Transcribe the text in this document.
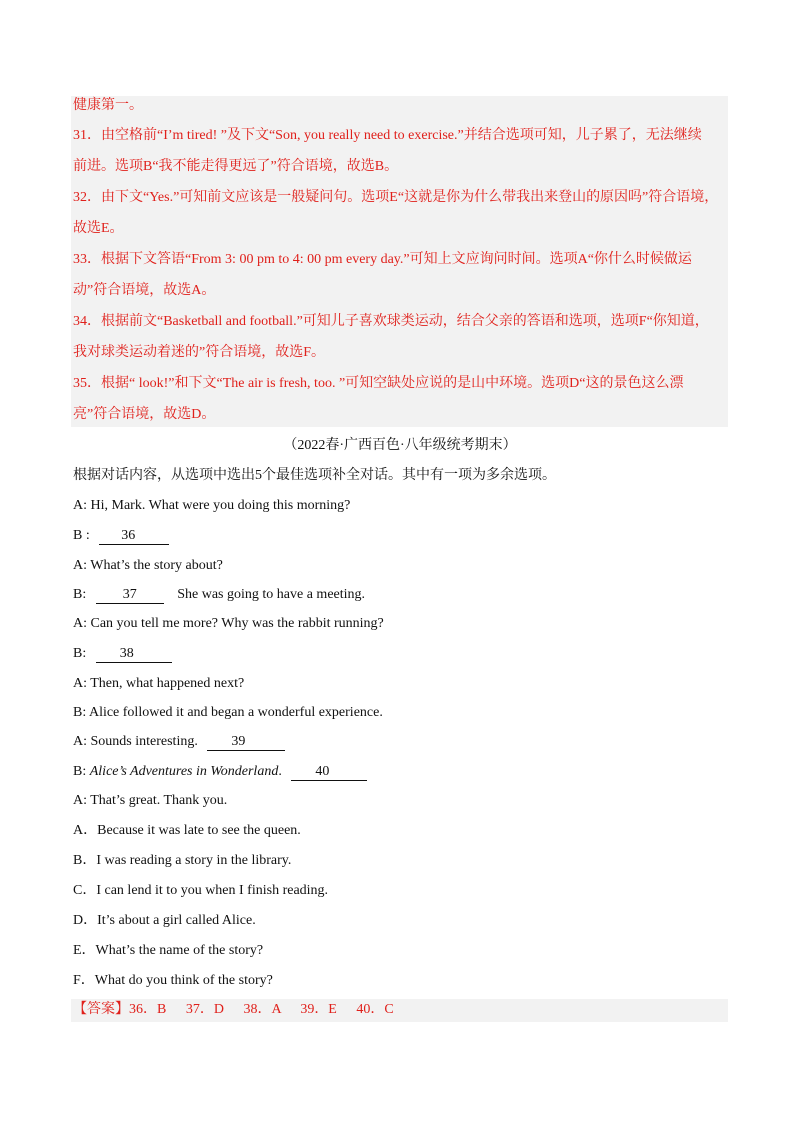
健康第一。
31．由空格前“I’m tired! ”及下文“Son, you really need to exercise.”并结合选项可知，儿子累了，无法继续
前进。选项B“我不能走得更远了”符合语境，故选B。
32．由下文“Yes.”可知前文应该是一般疑问句。选项E“这就是你为什么带我出来登山的原因吗”符合语境，
故选E。
33．根据下文答语“From 3: 00 pm to 4: 00 pm every day.”可知上文应询问时间。选项A“你什么时候做运
动”符合语境，故选A。
34．根据前文“Basketball and football.”可知儿子喜欢球类运动，结合父亲的答语和选项，选项F“你知道，
我对球类运动着迷的”符合语境，故选F。
35．根据“ look!”和下文“The air is fresh, too. ”可知空缺处应说的是山中环境。选项D“这的景色这么漂
亮”符合语境，故选D。
（2022春·广西百色·八年级统考期末）
根据对话内容，从选项中选出5个最佳选项补全对话。其中有一项为多余选项。
A: Hi, Mark. What were you doing this morning?
B : 36
A: What’s the story about?
B:	37	She was going to have a meeting.
A: Can you tell me more? Why was the rabbit running?
B: 38
A: Then, what happened next?
B: Alice followed it and began a wonderful experience.
A: Sounds interesting. 39
B: Alice’s Adventures in Wonderland. 40
A: That’s great. Thank you.
A．Because it was late to see the queen.
B．I was reading a story in the library.
C．I can lend it to you when I finish reading.
D．It’s about a girl called Alice.
E．What’s the name of the story?
F．What do you think of the story?
【答案】36．B 37．D 38．A 39．E 40．C
